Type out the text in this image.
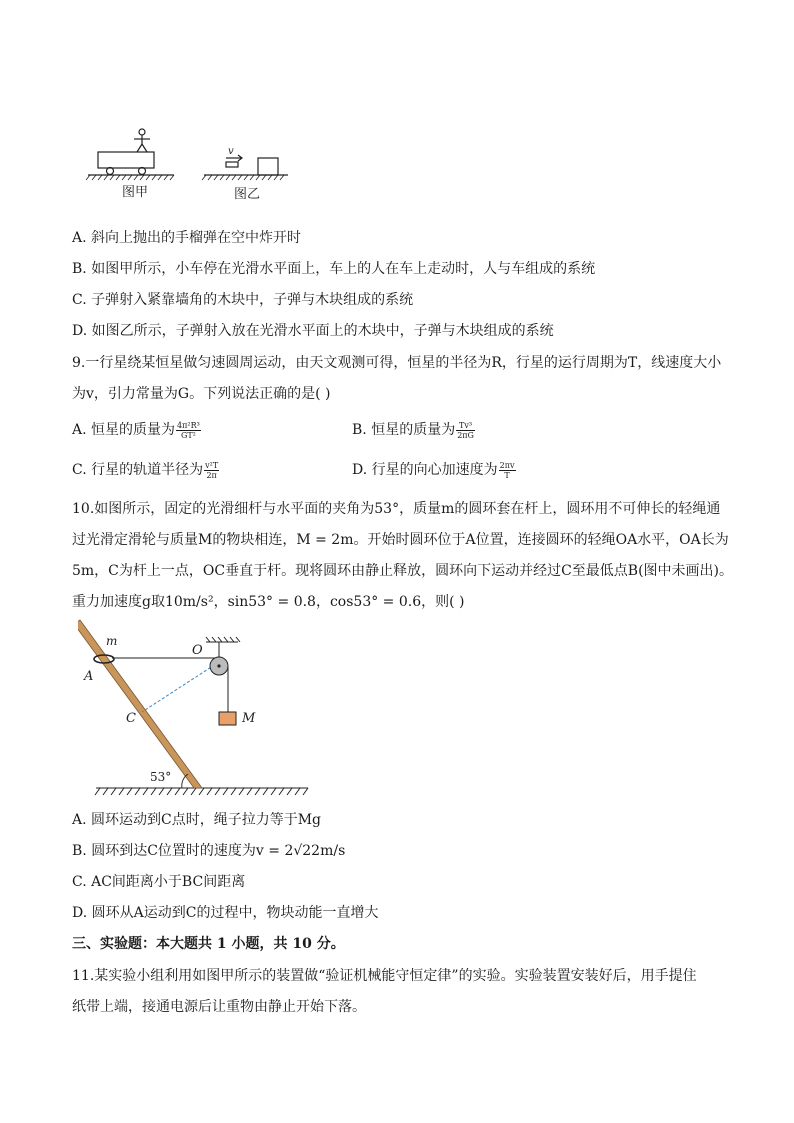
图甲
v
图乙
A. 斜向上抛出的手榴弹在空中炸开时
B. 如图甲所示，小车停在光滑水平面上，车上的人在车上走动时，人与车组成的系统
C. 子弹射入紧靠墙角的木块中，子弹与木块组成的系统
D. 如图乙所示，子弹射入放在光滑水平面上的木块中，子弹与木块组成的系统
9.一行星绕某恒星做匀速圆周运动，由天文观测可得，恒星的半径为R，行星的运行周期为T，线速度大小
为v，引力常量为G。下列说法正确的是( )
A. 恒星的质量为 $\frac{\text{4π²R³}}{\text{GT²}}$	B. 恒星的质量为 $\frac{\text{Tv³}}{2\pi G}$
C. 行星的轨道半径为 $\frac{\text{v²T}}{2\pi}$	D. 行星的向心加速度为 $\frac{2\pi v}{T}$
10.如图所示，固定的光滑细杆与水平面的夹角为53°，质量m的圆环套在杆上，圆环用不可伸长的轻绳通
过光滑定滑轮与质量M的物块相连，M = 2m。开始时圆环位于A位置，连接圆环的轻绳OA水平，OA长为
5m，C为杆上一点，OC垂直于杆。现将圆环由静止释放，圆环向下运动并经过C至最低点B(图中未画出)。
重力加速度g取10m/s²，sin53° = 0.8，cos53° = 0.6，则( )
m
O
A
C	M
53°
A. 圆环运动到C点时，绳子拉力等于Mg
B. 圆环到达C位置时的速度为v = 2√22m/s
C. AC间距离小于BC间距离
D. 圆环从A运动到C的过程中，物块动能一直增大
三、实验题：本大题共 1 小题，共 10 分。
11.某实验小组利用如图甲所示的装置做“验证机械能守恒定律”的实验。实验装置安装好后，用手提住
纸带上端，接通电源后让重物由静止开始下落。
